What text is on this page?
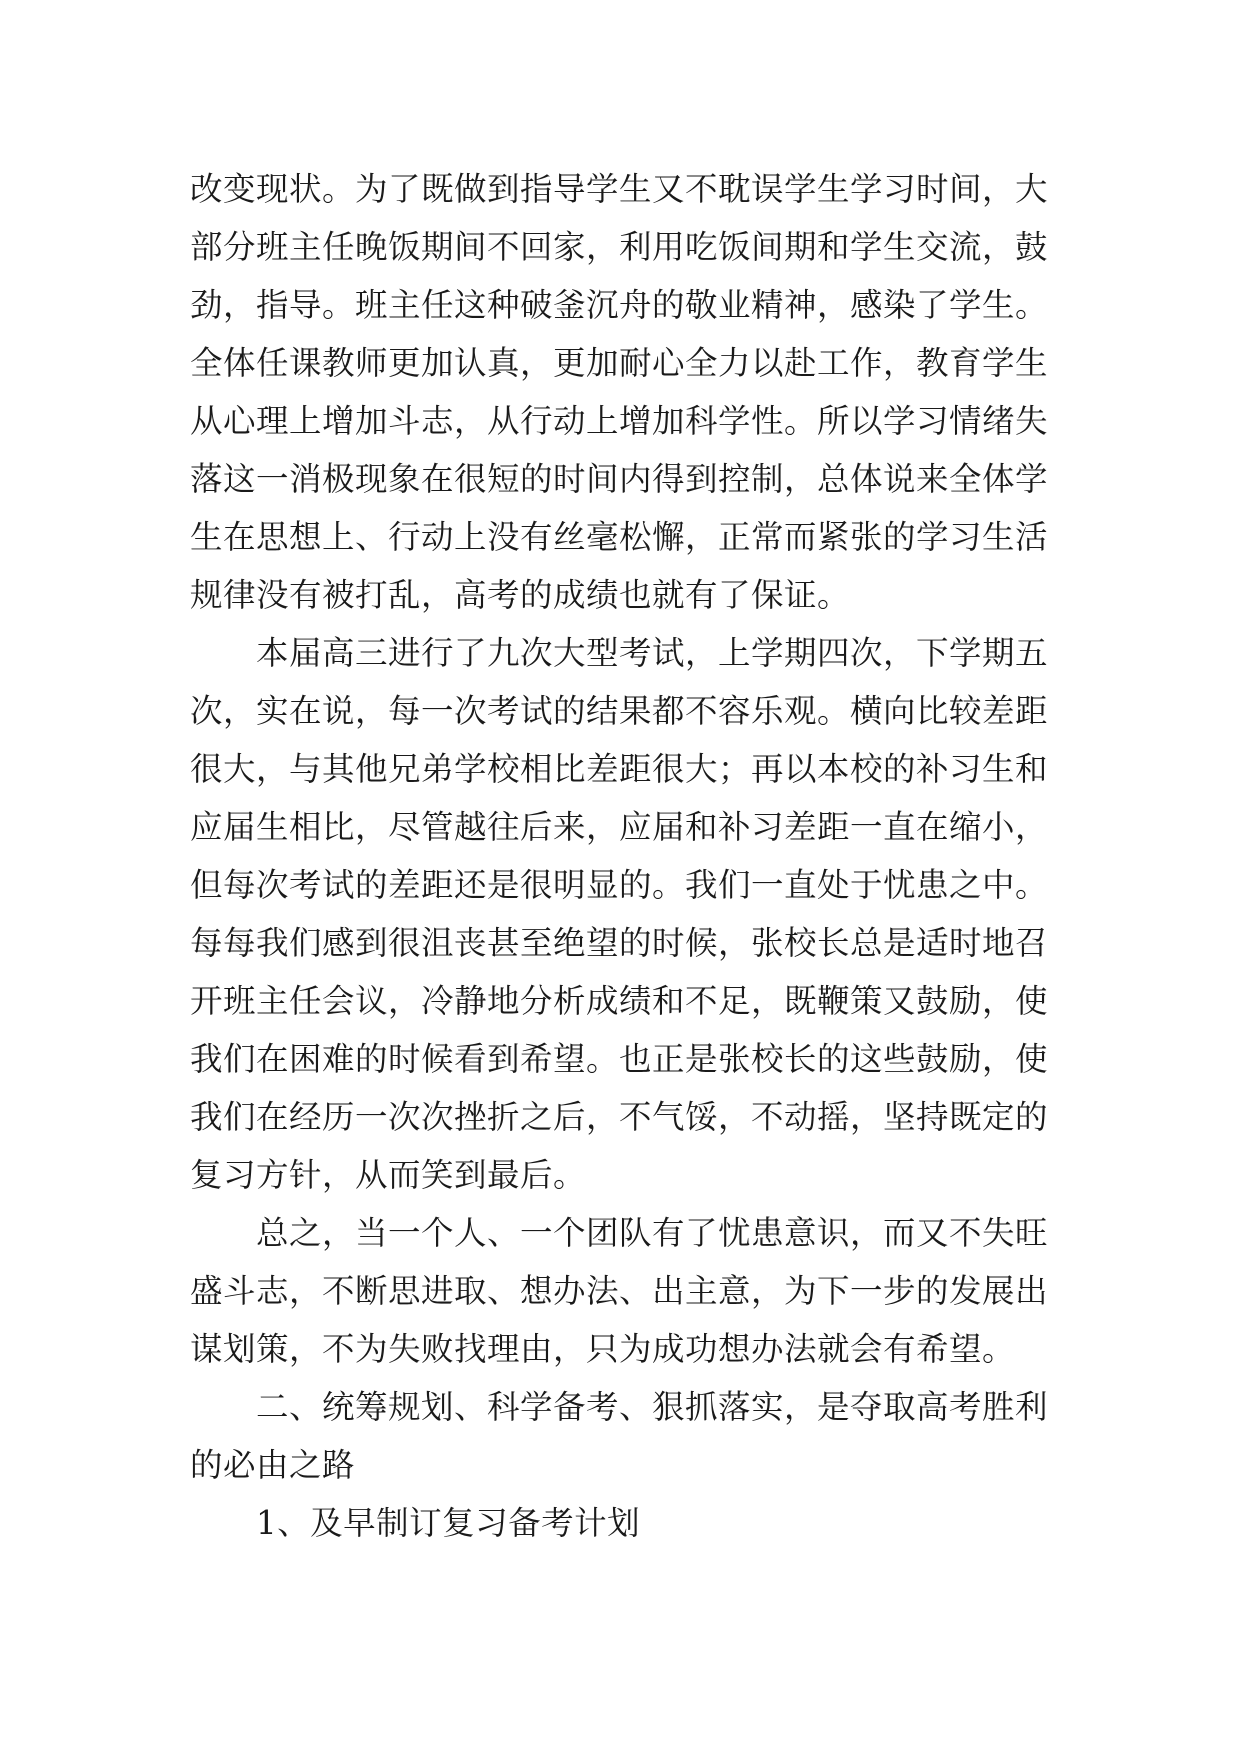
改变现状。为了既做到指导学生又不耽误学生学习时间，大
部分班主任晚饭期间不回家，利用吃饭间期和学生交流，鼓
劲，指导。班主任这种破釜沉舟的敬业精神，感染了学生。
全体任课教师更加认真，更加耐心全力以赴工作，教育学生
从心理上增加斗志，从行动上增加科学性。所以学习情绪失
落这一消极现象在很短的时间内得到控制，总体说来全体学
生在思想上、行动上没有丝毫松懈，正常而紧张的学习生活
规律没有被打乱，高考的成绩也就有了保证。
本届高三进行了九次大型考试，上学期四次，下学期五
次，实在说，每一次考试的结果都不容乐观。横向比较差距
很大，与其他兄弟学校相比差距很大；再以本校的补习生和
应届生相比，尽管越往后来，应届和补习差距一直在缩小，
但每次考试的差距还是很明显的。我们一直处于忧患之中。
每每我们感到很沮丧甚至绝望的时候，张校长总是适时地召
开班主任会议，冷静地分析成绩和不足，既鞭策又鼓励，使
我们在困难的时候看到希望。也正是张校长的这些鼓励，使
我们在经历一次次挫折之后，不气馁，不动摇，坚持既定的
复习方针，从而笑到最后。
总之，当一个人、一个团队有了忧患意识，而又不失旺
盛斗志，不断思进取、想办法、出主意，为下一步的发展出
谋划策，不为失败找理由，只为成功想办法就会有希望。
二、统筹规划、科学备考、狠抓落实，是夺取高考胜利
的必由之路
1、及早制订复习备考计划
